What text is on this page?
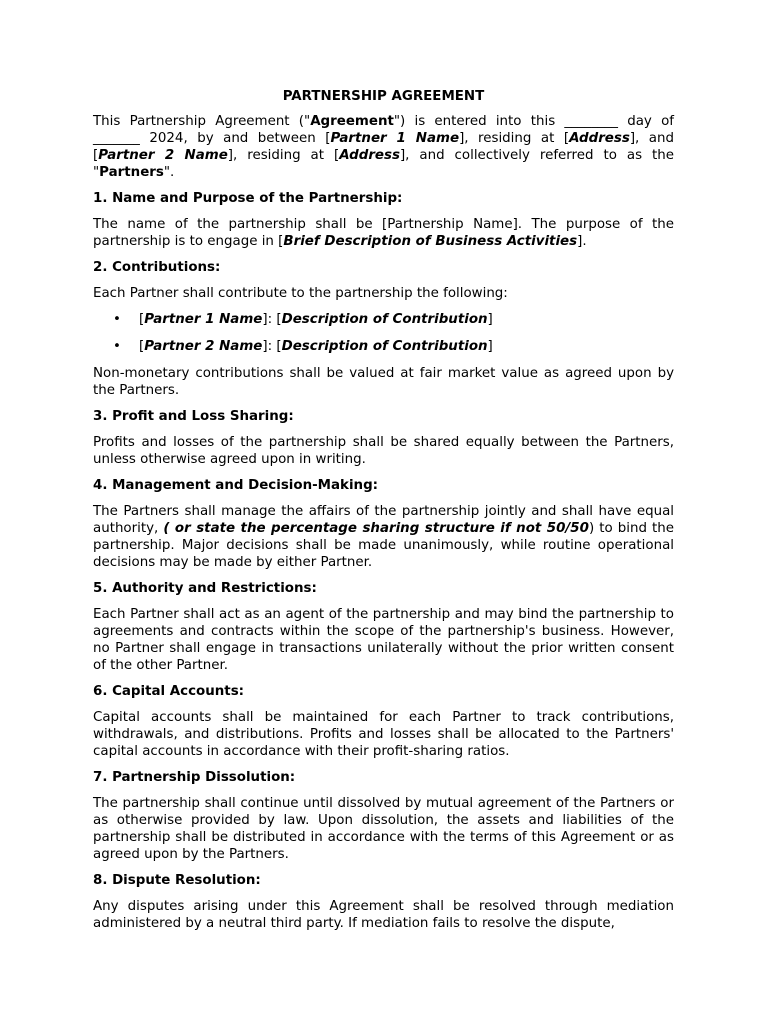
PARTNERSHIP AGREEMENT

This Partnership Agreement ("Agreement") is entered into this ________ day of _______ 2024, by and between [Partner 1 Name], residing at [Address], and [Partner 2 Name], residing at [Address], and collectively referred to as the "Partners".

1. Name and Purpose of the Partnership:

The name of the partnership shall be [Partnership Name]. The purpose of the partnership is to engage in [Brief Description of Business Activities].

2. Contributions:

Each Partner shall contribute to the partnership the following:

• [Partner 1 Name]: [Description of Contribution]
• [Partner 2 Name]: [Description of Contribution]

Non-monetary contributions shall be valued at fair market value as agreed upon by the Partners.

3. Profit and Loss Sharing:

Profits and losses of the partnership shall be shared equally between the Partners, unless otherwise agreed upon in writing.

4. Management and Decision-Making:

The Partners shall manage the affairs of the partnership jointly and shall have equal authority, ( or state the percentage sharing structure if not 50/50) to bind the partnership. Major decisions shall be made unanimously, while routine operational decisions may be made by either Partner.

5. Authority and Restrictions:

Each Partner shall act as an agent of the partnership and may bind the partnership to agreements and contracts within the scope of the partnership's business. However, no Partner shall engage in transactions unilaterally without the prior written consent of the other Partner.

6. Capital Accounts:

Capital accounts shall be maintained for each Partner to track contributions, withdrawals, and distributions. Profits and losses shall be allocated to the Partners' capital accounts in accordance with their profit-sharing ratios.

7. Partnership Dissolution:

The partnership shall continue until dissolved by mutual agreement of the Partners or as otherwise provided by law. Upon dissolution, the assets and liabilities of the partnership shall be distributed in accordance with the terms of this Agreement or as agreed upon by the Partners.

8. Dispute Resolution:

Any disputes arising under this Agreement shall be resolved through mediation administered by a neutral third party. If mediation fails to resolve the dispute,
